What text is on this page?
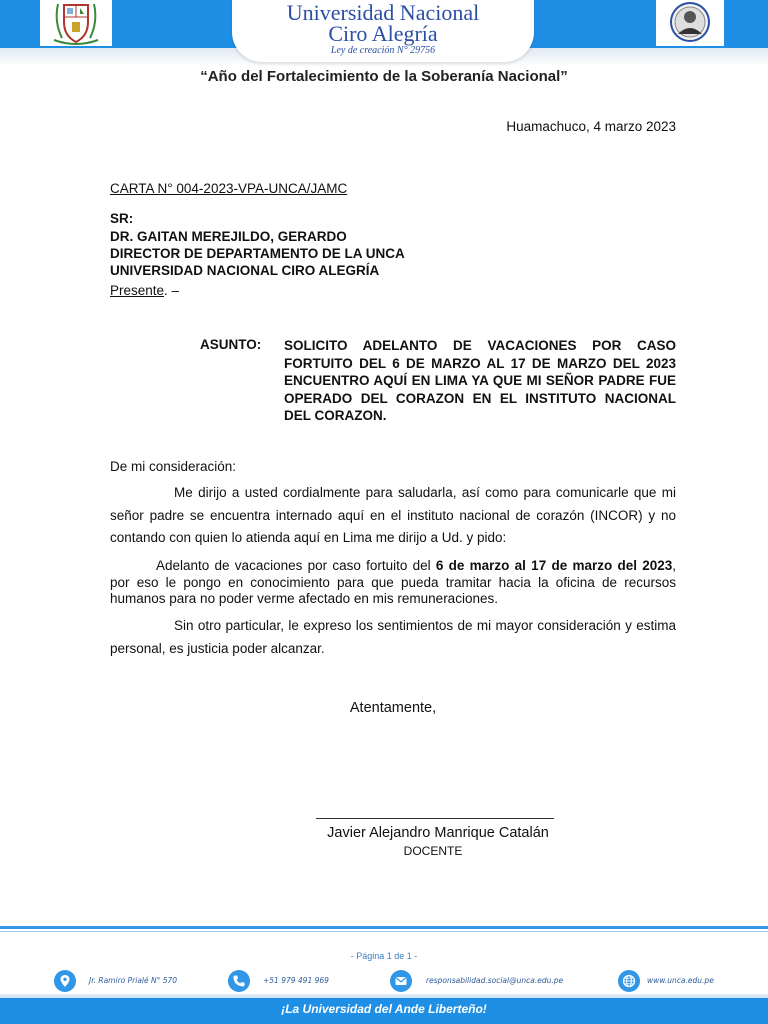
Universidad Nacional
Ciro Alegría
Ley de creación N° 29756
“Año del Fortalecimiento de la Soberanía Nacional”
Huamachuco, 4 marzo 2023
CARTA N° 004-2023-VPA-UNCA/JAMC
SR:
DR. GAITAN MEREJILDO, GERARDO
DIRECTOR DE DEPARTAMENTO DE LA UNCA
UNIVERSIDAD NACIONAL CIRO ALEGRÍA
Presente. –
ASUNTO: SOLICITO ADELANTO DE VACACIONES POR CASO FORTUITO DEL 6 DE MARZO AL 17 DE MARZO DEL 2023 ENCUENTRO AQUÍ EN LIMA YA QUE MI SEÑOR PADRE FUE OPERADO DEL CORAZON EN EL INSTITUTO NACIONAL DEL CORAZON.
De mi consideración:
Me dirijo a usted cordialmente para saludarla, así como para comunicarle que mi señor padre se encuentra internado aquí en el instituto nacional de corazón (INCOR) y no contando con quien lo atienda aquí en Lima me dirijo a Ud. y pido:
Adelanto de vacaciones por caso fortuito del 6 de marzo al 17 de marzo del 2023, por eso le pongo en conocimiento para que pueda tramitar hacia la oficina de recursos humanos para no poder verme afectado en mis remuneraciones.
Sin otro particular, le expreso los sentimientos de mi mayor consideración y estima personal, es justicia poder alcanzar.
Atentamente,
Javier Alejandro Manrique Catalán
DOCENTE
- Página 1 de 1 -
Jr. Ramiro Prialé N° 570	+51 979 491 969	responsabilidad.social@unca.edu.pe	www.unca.edu.pe
¡La Universidad del Ande Liberteño!
